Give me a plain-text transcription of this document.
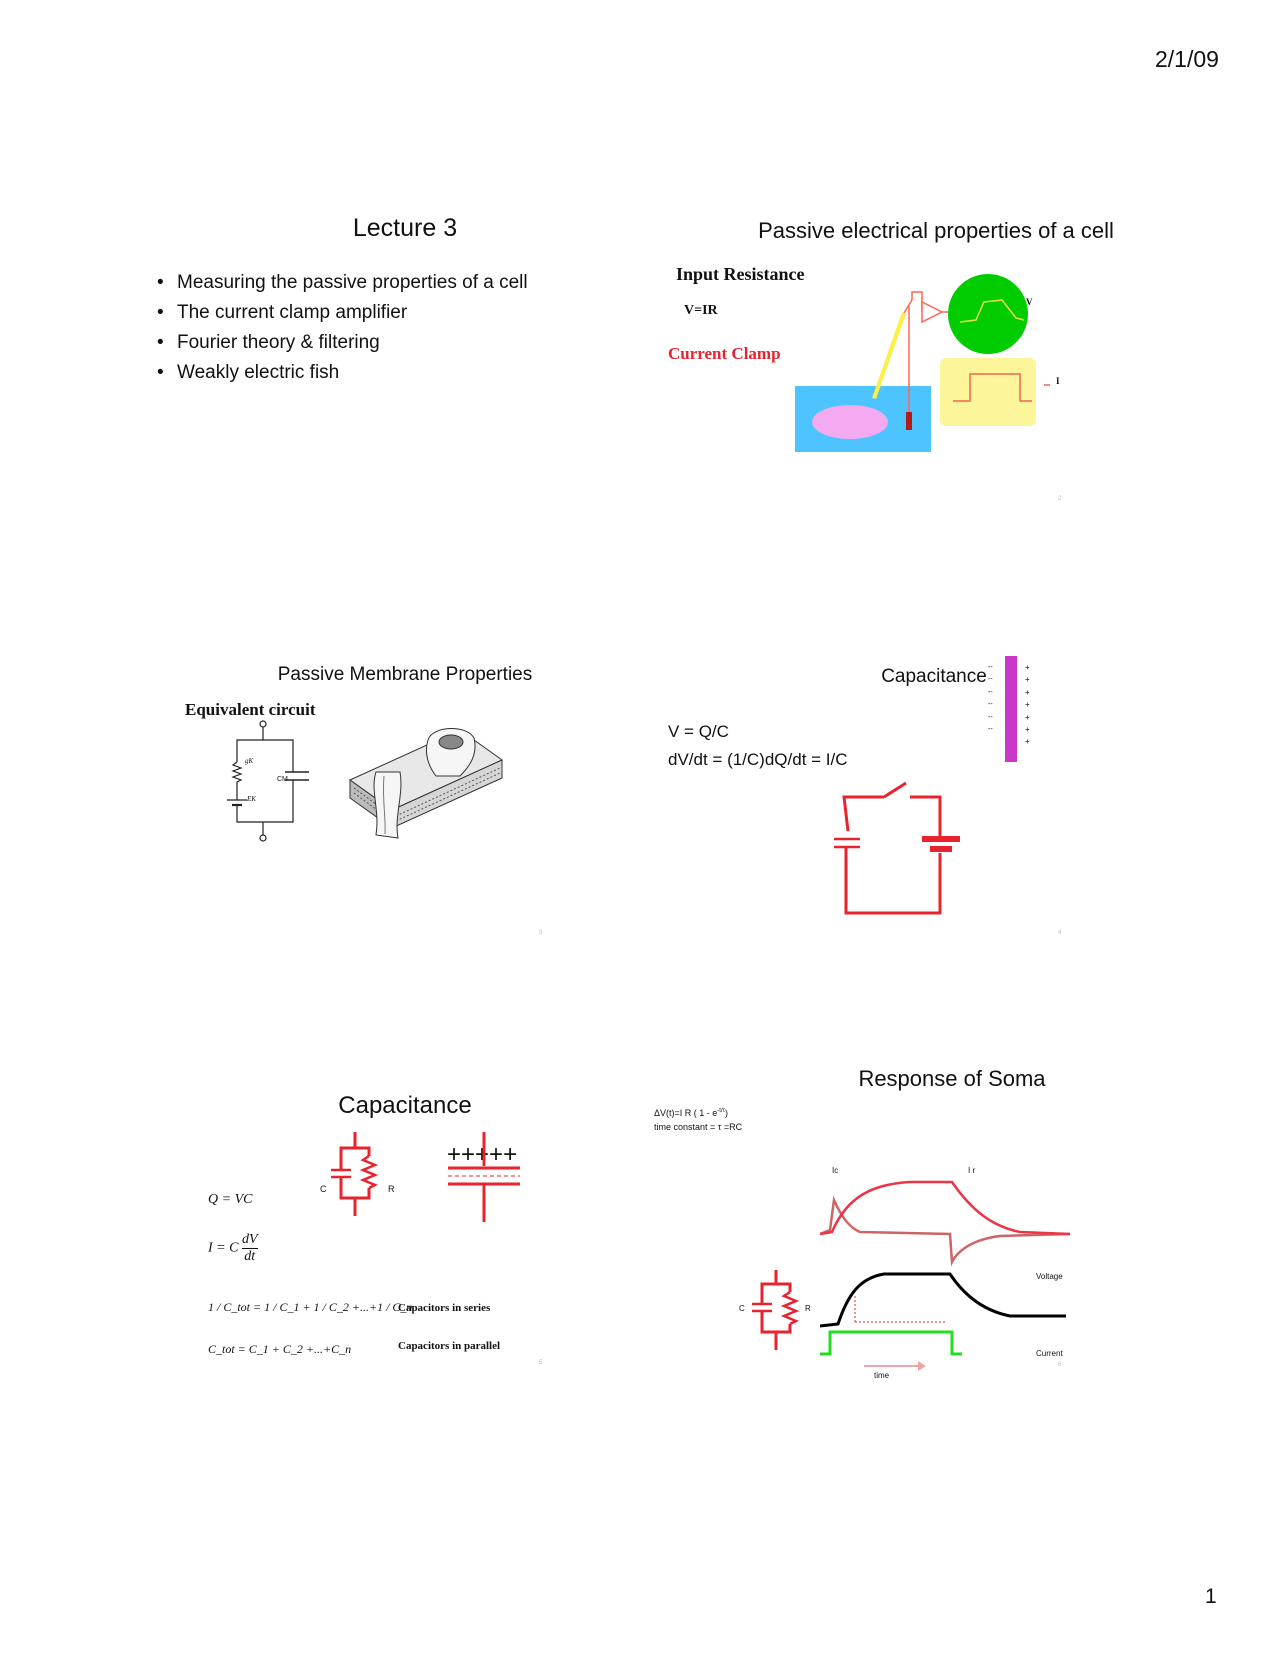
2/1/09
Lecture 3
• Measuring the passive properties of a cell
• The current clamp amplifier
• Fourier theory & filtering
• Weakly electric fish
Passive electrical properties of a cell
Input Resistance
V=IR
Current Clamp
V
I
2
Passive Membrane Properties
Equivalent circuit
gK
CM
EK
3
Capacitance
V = Q/C
dV/dt = (1/C)dQ/dt = I/C
--
--
--
--
--
--
+
+
+
+
+
+
+
4
Capacitance
Q = VC
I = C $\frac{dV}{dt}$
1 / C_tot = 1 / C_1 + 1 / C_2 +...+1 / C_n
Capacitors in series
C_tot = C_1 + C_2 +...+C_n	Capacitors in parallel
C	R
+++++
5
Response of Soma
ΔV(t)=I R ( $1 - e^{-t/\tau}$)
time constant = τ =RC
Ic	I r
Voltage
Current
time
C	R
6
1
